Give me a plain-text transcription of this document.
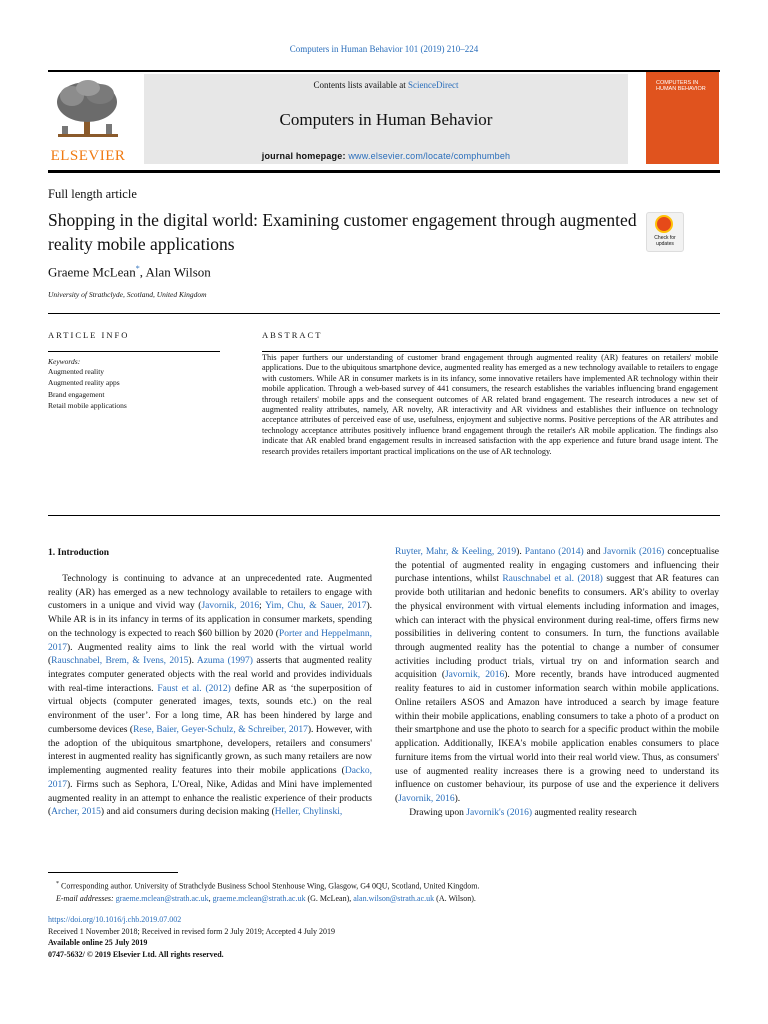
Computers in Human Behavior 101 (2019) 210–224
ELSEVIER
Contents lists available at ScienceDirect
Computers in Human Behavior
journal homepage: www.elsevier.com/locate/comphumbeh
COMPUTERS IN HUMAN BEHAVIOR
Full length article
Shopping in the digital world: Examining customer engagement through augmented reality mobile applications	Check for updates
Graeme McLean*, Alan Wilson
University of Strathclyde, Scotland, United Kingdom
ARTICLE INFO
Keywords:
Augmented reality
Augmented reality apps
Brand engagement
Retail mobile applications
ABSTRACT
This paper furthers our understanding of customer brand engagement through augmented reality (AR) features on retailers' mobile applications. Due to the ubiquitous smartphone device, augmented reality has emerged as a new technology available to retailers to engage with customers. While AR in consumer markets is in its infancy, some innovative retailers have implemented AR technology within their mobile application. Through a web-based survey of 441 consumers, the research establishes the variables influencing brand engagement through retailers' mobile apps and the consequent outcomes of AR related brand engagement. The research introduces a new set of augmented reality attributes, namely, AR novelty, AR interactivity and AR vividness and establishes their influence on technology acceptance attributes of perceived ease of use, usefulness, enjoyment and subjective norms. Positive perceptions of the AR attributes and technology acceptance attributes positively influence brand engagement through the retailer's AR mobile application. The findings also indicate that AR enabled brand engagement results in increased satisfaction with the app experience and future brand usage intent. The research provides retailers important practical implications on the use of AR technology.
1. Introduction

Technology is continuing to advance at an unprecedented rate. Augmented reality (AR) has emerged as a new technology available to retailers to engage with customers in a unique and vivid way (Javornik, 2016; Yim, Chu, & Sauer, 2017). While AR is in its infancy in terms of its application in consumer markets, spending on the technology is expected to reach $60 billion by 2020 (Porter and Heppelmann, 2017). Augmented reality aims to link the real world with the virtual world (Rauschnabel, Brem, & Ivens, 2015). Azuma (1997) asserts that augmented reality integrates computer generated objects with the real world and provides individuals with real-time interactions. Faust et al. (2012) define AR as ‘the superposition of virtual objects (computer generated images, texts, sounds etc.) on the real environment of the user’. For a long time, AR has been hindered by large and cumbersome devices (Rese, Baier, Geyer-Schulz, & Schreiber, 2017). However, with the adoption of the ubiquitous smartphone, developers, retailers and consumers' interest in augmented reality has significantly grown, as such many retailers are now implementing augmented reality features into their mobile applications (Dacko, 2017). Firms such as Sephora, L'Oreal, Nike, Adidas and Mini have implemented augmented reality in an attempt to enhance the realistic experience of their products (Archer, 2015) and aid consumers during decision making (Heller, Chylinski,

Ruyter, Mahr, & Keeling, 2019). Pantano (2014) and Javornik (2016) conceptualise the potential of augmented reality in engaging customers and influencing their purchase intentions, whilst Rauschnabel et al. (2018) suggest that AR features can provide both utilitarian and hedonic benefits to consumers. AR's ability to overlay the physical environment with virtual elements including information and images, which can interact with the physical environment during real-time, offers firms new possibilities in delivering content to consumers. In turn, the functions available through augmented reality has the potential to change a number of consumer activities including product trials, virtual try on and information search and acquisition (Javornik, 2016). More recently, brands have introduced augmented reality features to aid in customer information search within mobile applications. Online retailers ASOS and Amazon have introduced a search by image feature within their mobile applications, enabling consumers to take a photo of a product on their smartphone and use the photo to search for a specific product within the mobile application. Additionally, IKEA's mobile application enables consumers to place furniture items from the virtual world into their real world view. Thus, as consumers' use of augmented reality increases there is a growing need to understand its influence on customer behaviour, its purpose of use and the experience it delivers (Javornik, 2016).

Drawing upon Javornik's (2016) augmented reality research

* Corresponding author. University of Strathclyde Business School Stenhouse Wing, Glasgow, G4 0QU, Scotland, United Kingdom.
E-mail addresses: graeme.mclean@strath.ac.uk, graeme.mclean@strath.ac.uk (G. McLean), alan.wilson@strath.ac.uk (A. Wilson).
https://doi.org/10.1016/j.chb.2019.07.002
Received 1 November 2018; Received in revised form 2 July 2019; Accepted 4 July 2019
Available online 25 July 2019
0747-5632/ © 2019 Elsevier Ltd. All rights reserved.
